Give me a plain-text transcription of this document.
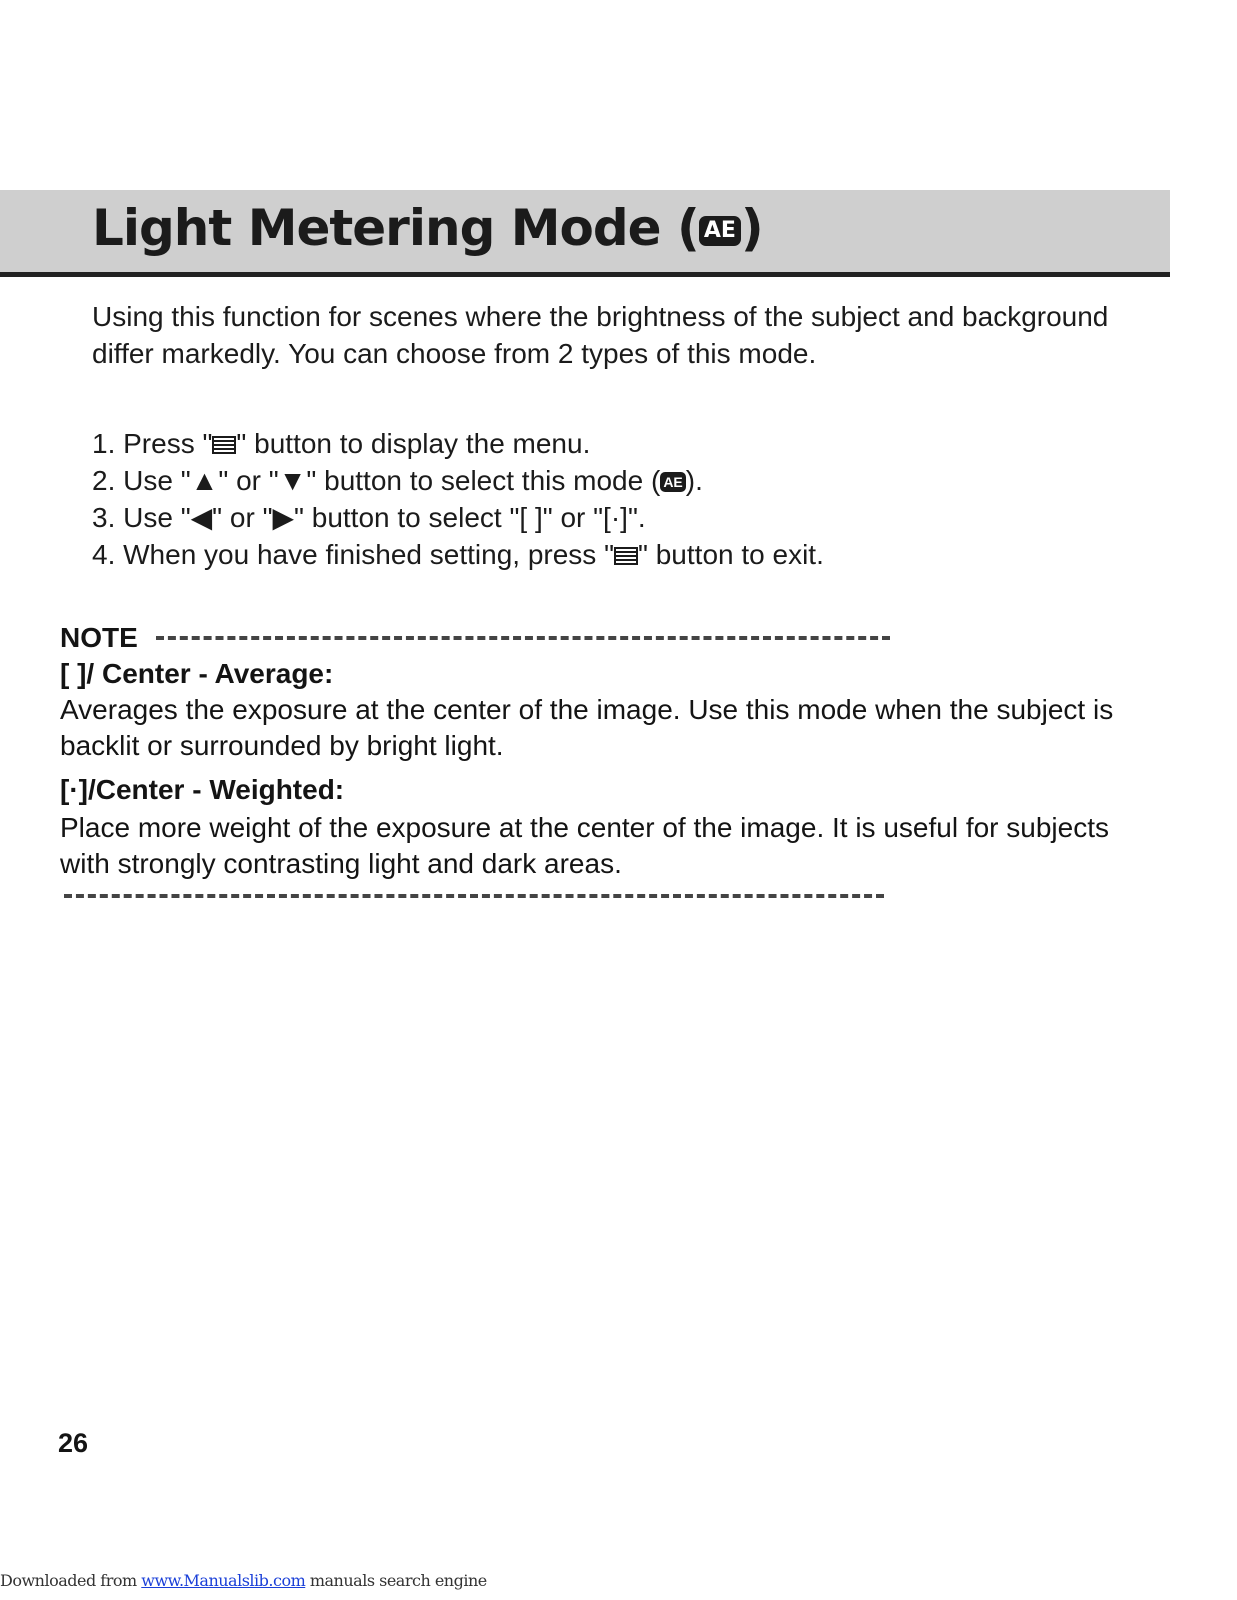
Light Metering Mode ( AE )

Using this function for scenes where the brightness of the subject and background differ markedly. You can choose from 2 types of this mode.

1. Press " " button to display the menu.
2. Use "▲" or "▼" button to select this mode ( AE ).
3. Use "◀" or "▶" button to select "[ ]" or "[·]".
4. When you have finished setting, press " " button to exit.
NOTE

[ ]/ Center - Average:

Averages the exposure at the center of the image. Use this mode when the subject is backlit or surrounded by bright light.

[·]/Center - Weighted:

Place more weight of the exposure at the center of the image. It is useful for subjects with strongly contrasting light and dark areas.

26
Downloaded from www.Manualslib.com manuals search engine
